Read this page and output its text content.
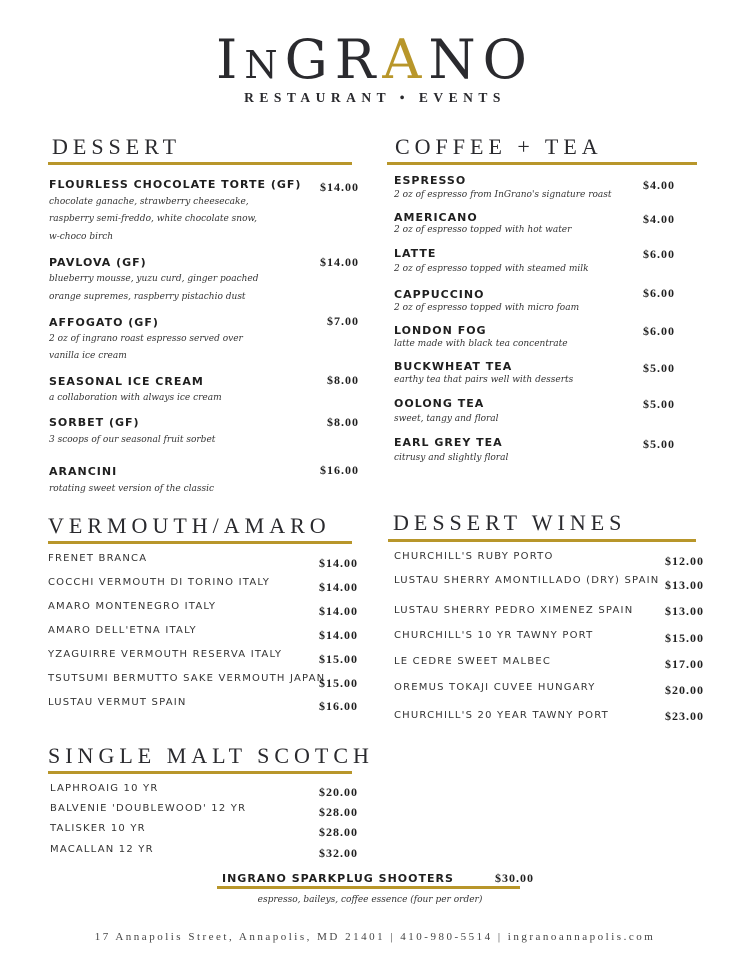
INGRANO
RESTAURANT • EVENTS
DESSERT
FLOURLESS CHOCOLATE TORTE (GF) $14.00
chocolate ganache, strawberry cheesecake,
raspberry semi-freddo, white chocolate snow,
w-choco birch
PAVLOVA (GF)	$14.00
blueberry mousse, yuzu curd, ginger poached
orange supremes, raspberry pistachio dust
AFFOGATO (GF)	$7.00
2 oz of ingrano roast espresso served over
vanilla ice cream
SEASONAL ICE CREAM	$8.00
a collaboration with always ice cream
SORBET (GF)	$8.00
3 scoops of our seasonal fruit sorbet
ARANCINI	$16.00
rotating sweet version of the classic
COFFEE + TEA
ESPRESSO	$4.00
2 oz of espresso from InGrano's signature roast
AMERICANO	$4.00
2 oz of espresso topped with hot water
LATTE	$6.00
2 oz of espresso topped with steamed milk
CAPPUCCINO	$6.00
2 oz of espresso topped with micro foam
LONDON FOG	$6.00
latte made with black tea concentrate
BUCKWHEAT TEA	$5.00
earthy tea that pairs well with desserts
OOLONG TEA	$5.00
sweet, tangy and floral
EARL GREY TEA	$5.00
citrusy and slightly floral
VERMOUTH/AMARO
FRENET BRANCA	$14.00
COCCHI VERMOUTH DI TORINO ITALY	$14.00
AMARO MONTENEGRO ITALY	$14.00
AMARO DELL'ETNA ITALY	$14.00
YZAGUIRRE VERMOUTH RESERVA ITALY	$15.00
TSUTSUMI BERMUTTO SAKE VERMOUTH JAPAN
$15.00
LUSTAU VERMUT SPAIN	$16.00
DESSERT WINES
CHURCHILL'S RUBY PORTO	$12.00
LUSTAU SHERRY AMONTILLADO (DRY) SPAIN $13.00
LUSTAU SHERRY PEDRO XIMENEZ SPAIN	$13.00
CHURCHILL'S 10 YR TAWNY PORT	$15.00
LE CEDRE SWEET MALBEC	$17.00
OREMUS TOKAJI CUVEE HUNGARY	$20.00
CHURCHILL'S 20 YEAR TAWNY PORT	$23.00
SINGLE MALT SCOTCH
LAPHROAIG 10 YR	$20.00
BALVENIE 'DOUBLEWOOD' 12 YR	$28.00
TALISKER 10 YR	$28.00
MACALLAN 12 YR	$32.00
espresso, baileys, coffee essence (four per order)
INGRANO SPARKPLUG SHOOTERS	$30.00
17 Annapolis Street, Annapolis, MD 21401 | 410-980-5514 | ingranoannapolis.com
